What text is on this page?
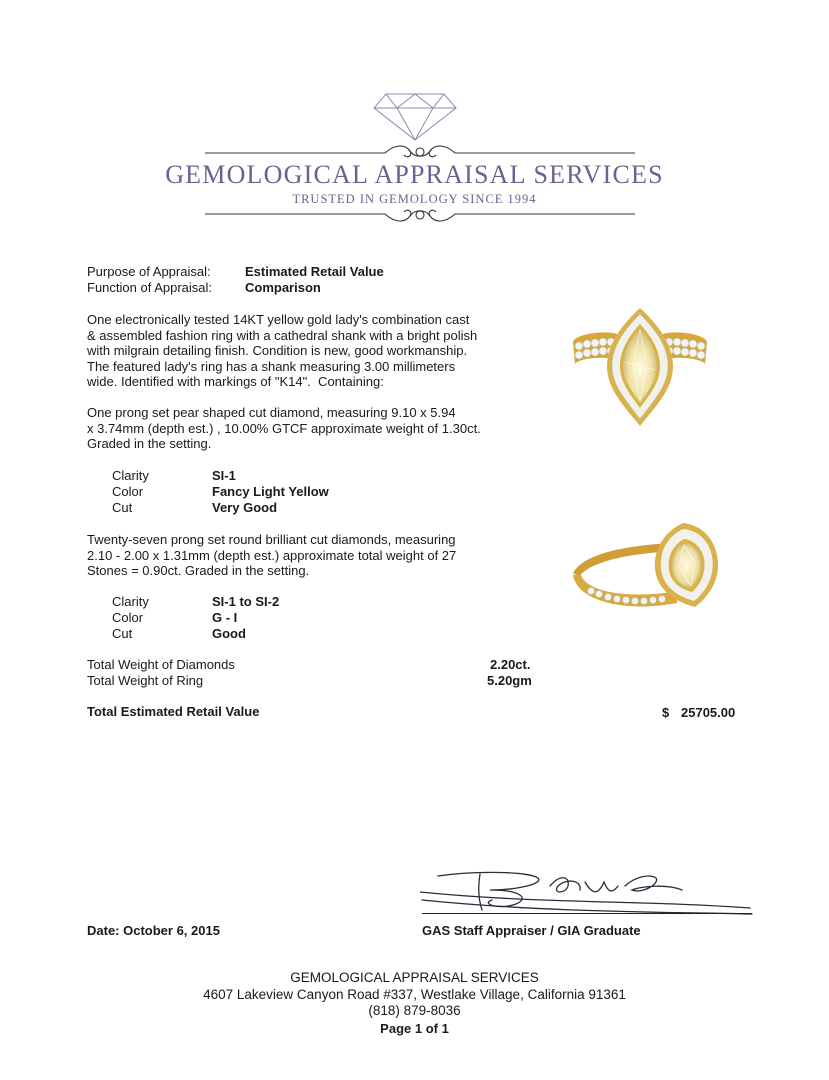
GEMOLOGICAL APPRAISAL SERVICES
TRUSTED IN GEMOLOGY SINCE 1994
Purpose of Appraisal:	Estimated Retail Value
Function of Appraisal:	Comparison
One electronically tested 14KT yellow gold lady's combination cast
& assembled fashion ring with a cathedral shank with a bright polish
with milgrain detailing finish. Condition is new, good workmanship.
The featured lady's ring has a shank measuring 3.00 millimeters
wide. Identified with markings of "K14".  Containing:
One prong set pear shaped cut diamond, measuring 9.10 x 5.94
x 3.74mm (depth est.) , 10.00% GTCF approximate weight of 1.30ct.
Graded in the setting.
Clarity	SI-1
Color	Fancy Light Yellow
Cut	Very Good
Twenty-seven prong set round brilliant cut diamonds, measuring
2.10 - 2.00 x 1.31mm (depth est.) approximate total weight of 27
Stones = 0.90ct. Graded in the setting.
Clarity	SI-1 to SI-2
Color	G - I
Cut	Good
Total Weight of Diamonds	2.20ct.
Total Weight of Ring	5.20gm
Total Estimated Retail Value	$ 25705.00
Date: October 6, 2015	GAS Staff Appraiser / GIA Graduate
GEMOLOGICAL APPRAISAL SERVICES
4607 Lakeview Canyon Road #337, Westlake Village, California 91361
(818) 879-8036
Page 1 of 1
